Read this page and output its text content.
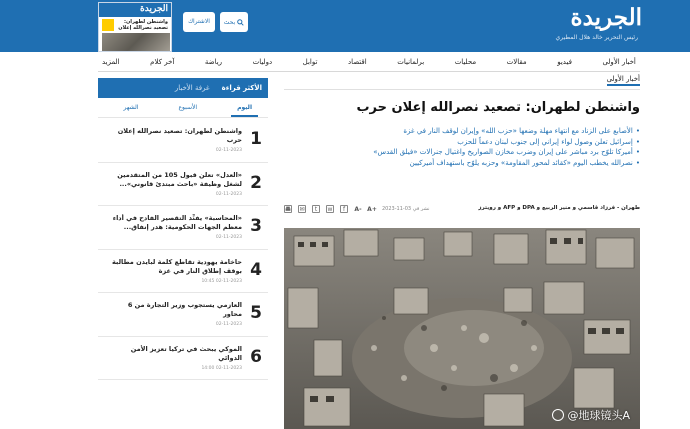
الجريدة
واشنطن لطهران: تصعيد نصرالله إعلان
الاشتراك	بحث	الجريدة
رئيس التحرير خالد هلال المطيري
أخبار الأولى
فيديو
مقالات
محليات
برلمانيات
اقتصاد
توابل
دوليات
رياضة
آخر كلام
المزيد
الأكثر قراءة
غرفة الأخبار
اليوم
الأسبوع
الشهر
1
واشنطن لطهران: تصعيد نصرالله إعلان حرب
02-11-2023
2
«العدل» تعلن قبول 105 من المتقدمين لشغل وظيفة «باحث مبتدئ قانوني»...
02-11-2023
3
«المحاسبة» يفنِّد التقصير الفادح في أداء معظم الجهات الحكومية: هدر إنفاق...
02-11-2023
4
حاخامة يهودية تقاطع كلمة لبايدن مطالبة بوقف إطلاق النار في غزة
10:45 02-11-2023
5
العازمي يستجوب وزير التجارة من 6 محاور
02-11-2023
6
الموكي يبحث في تركيا تعزيز الأمن الدوائي
14:00 02-11-2023
أخبار الأولى
واشنطن لطهران: تصعيد نصرالله إعلان حرب
• الأصابع على الزناد مع انتهاء مهلة وضعها «حزب الله» وإيران لوقف النار في غزة
• إسرائيل تعلن وصول لواء إيراني إلى جنوب لبنان دعماً للحزب
• أميركا تلوّح برد مباشر على إيران وضرب مخازن الصواريخ واغتيال جنرالات «فيلق القدس»
• نصرالله يخطب اليوم «كقائد لمحور المقاومة» وحزبه يلوّح باستهداف أميركيين
طهران - فرزاد قاسمي و منير الربيع و DPA و AFP و رويترز
✉	t	w	f	A- A+ نشر في 03-11-2023
@地球镜头A
